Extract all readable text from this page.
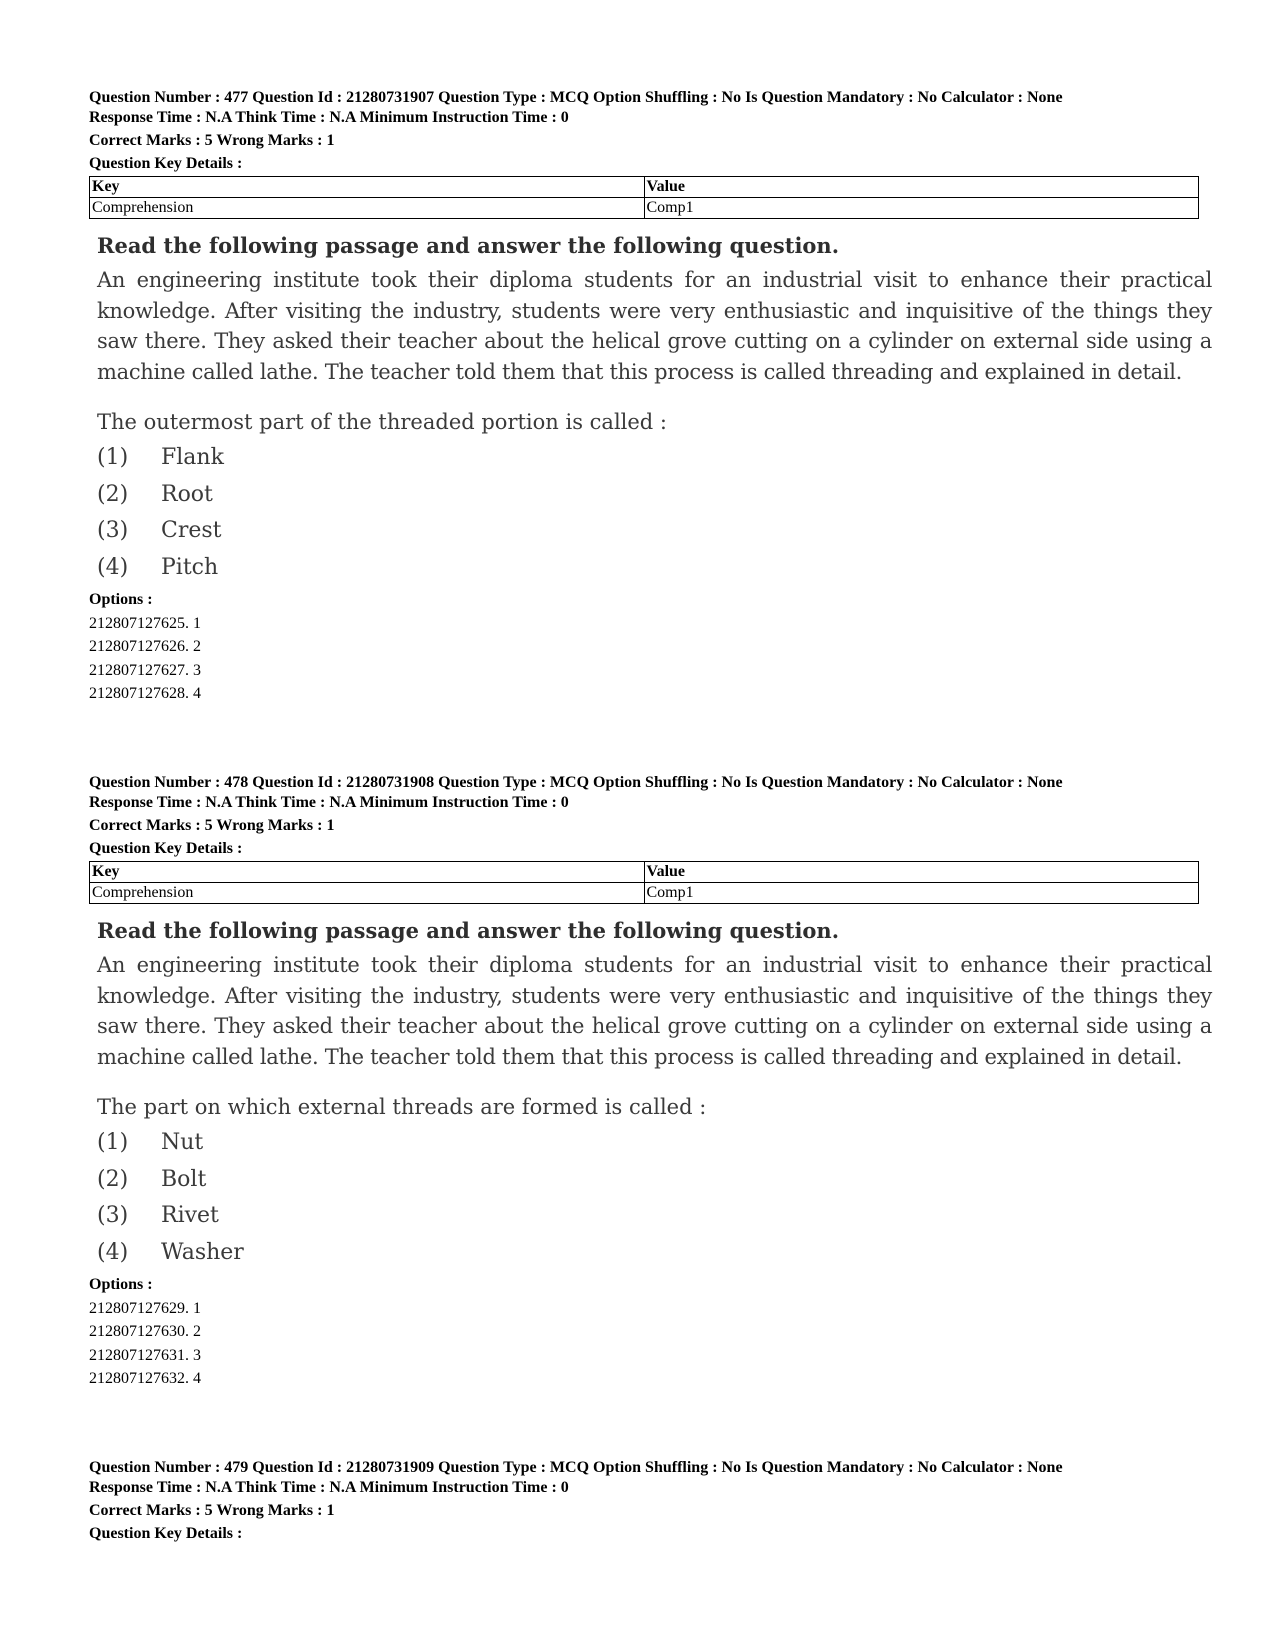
Question Number : 477 Question Id : 21280731907 Question Type : MCQ Option Shuffling : No Is Question Mandatory : No Calculator : None
Response Time : N.A Think Time : N.A Minimum Instruction Time : 0
Correct Marks : 5 Wrong Marks : 1
Question Key Details :
Key	Value
Comprehension	Comp1
Read the following passage and answer the following question.
An engineering institute took their diploma students for an industrial visit to enhance their practical knowledge. After visiting the industry, students were very enthusiastic and inquisitive of the things they saw there. They asked their teacher about the helical grove cutting on a cylinder on external side using a machine called lathe. The teacher told them that this process is called threading and explained in detail.
The outermost part of the threaded portion is called :
(1)	Flank
(2)	Root
(3)	Crest
(4)	Pitch
Options :
212807127625. 1
212807127626. 2
212807127627. 3
212807127628. 4
Question Number : 478 Question Id : 21280731908 Question Type : MCQ Option Shuffling : No Is Question Mandatory : No Calculator : None
Response Time : N.A Think Time : N.A Minimum Instruction Time : 0
Correct Marks : 5 Wrong Marks : 1
Question Key Details :
Key	Value
Comprehension	Comp1
Read the following passage and answer the following question.
An engineering institute took their diploma students for an industrial visit to enhance their practical knowledge. After visiting the industry, students were very enthusiastic and inquisitive of the things they saw there. They asked their teacher about the helical grove cutting on a cylinder on external side using a machine called lathe. The teacher told them that this process is called threading and explained in detail.
The part on which external threads are formed is called :
(1)	Nut
(2)	Bolt
(3)	Rivet
(4)	Washer
Options :
212807127629. 1
212807127630. 2
212807127631. 3
212807127632. 4
Question Number : 479 Question Id : 21280731909 Question Type : MCQ Option Shuffling : No Is Question Mandatory : No Calculator : None
Response Time : N.A Think Time : N.A Minimum Instruction Time : 0
Correct Marks : 5 Wrong Marks : 1
Question Key Details :
